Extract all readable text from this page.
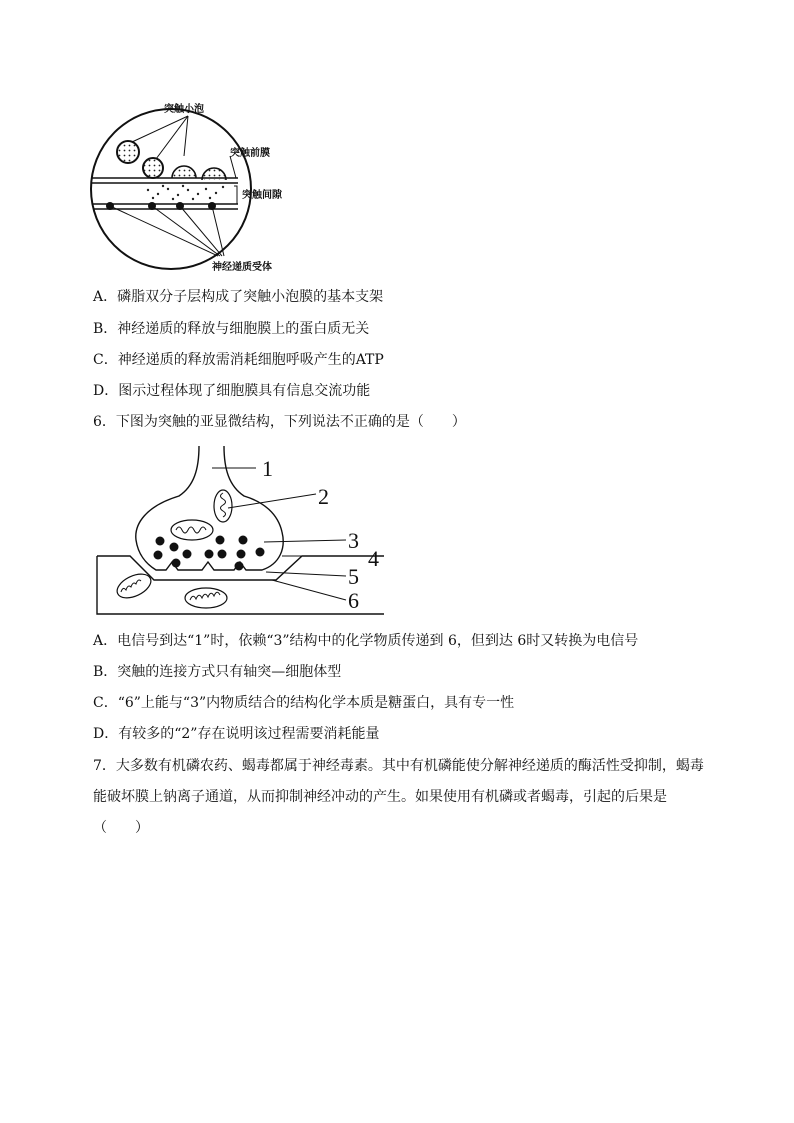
突触小泡
突触前膜
突触间隙
神经递质受体
A．磷脂双分子层构成了突触小泡膜的基本支架
B．神经递质的释放与细胞膜上的蛋白质无关
C．神经递质的释放需消耗细胞呼吸产生的ATP
D．图示过程体现了细胞膜具有信息交流功能
6．下图为突触的亚显微结构，下列说法不正确的是（　　）
1
2
3
4
5
6
A．电信号到达“1”时，依赖“3”结构中的化学物质传递到 6，但到达 6时又转换为电信号
B．突触的连接方式只有轴突—细胞体型
C．“6”上能与“3”内物质结合的结构化学本质是糖蛋白，具有专一性
D．有较多的“2”存在说明该过程需要消耗能量
7．大多数有机磷农药、蝎毒都属于神经毒素。其中有机磷能使分解神经递质的酶活性受抑制，蝎毒
能破坏膜上钠离子通道，从而抑制神经冲动的产生。如果使用有机磷或者蝎毒，引起的后果是
（　　）
